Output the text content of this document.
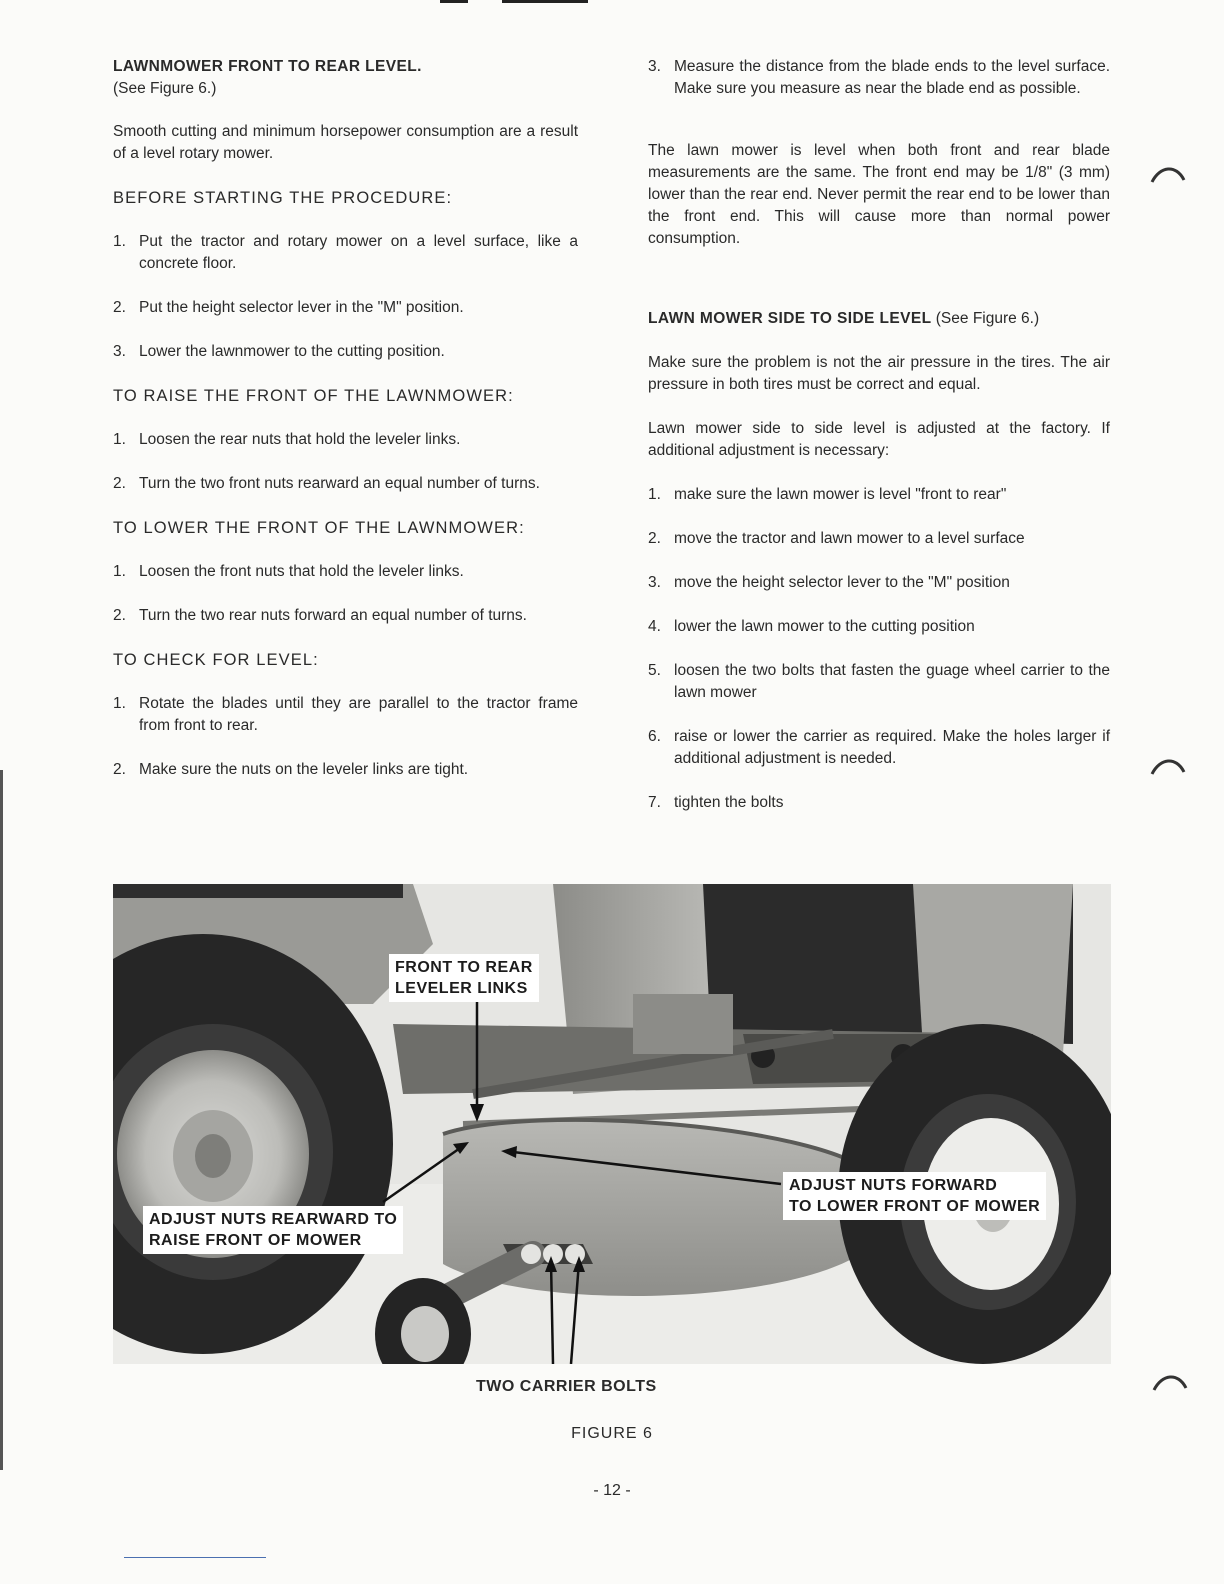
LAWNMOWER FRONT TO REAR LEVEL.

(See Figure 6.)

Smooth cutting and minimum horsepower consumption are a result of a level rotary mower.

BEFORE STARTING THE PROCEDURE:

1. Put the tractor and rotary mower on a level surface, like a concrete floor.

2. Put the height selector lever in the "M" position.

3. Lower the lawnmower to the cutting position.

TO RAISE THE FRONT OF THE LAWNMOWER:

1. Loosen the rear nuts that hold the leveler links.

2. Turn the two front nuts rearward an equal number of turns.

TO LOWER THE FRONT OF THE LAWNMOWER:

1. Loosen the front nuts that hold the leveler links.

2. Turn the two rear nuts forward an equal number of turns.

TO CHECK FOR LEVEL:

1. Rotate the blades until they are parallel to the tractor frame from front to rear.

2. Make sure the nuts on the leveler links are tight.

3. Measure the distance from the blade ends to the level surface. Make sure you measure as near the blade end as possible.

The lawn mower is level when both front and rear blade measurements are the same. The front end may be 1/8" (3 mm) lower than the rear end. Never permit the rear end to be lower than the front end. This will cause more than normal power consumption.

LAWN MOWER SIDE TO SIDE LEVEL (See Figure 6.)

Make sure the problem is not the air pressure in the tires. The air pressure in both tires must be correct and equal.

Lawn mower side to side level is adjusted at the factory. If additional adjustment is necessary:

1. make sure the lawn mower is level "front to rear"

2. move the tractor and lawn mower to a level surface

3. move the height selector lever to the "M" position

4. lower the lawn mower to the cutting position

5. loosen the two bolts that fasten the guage wheel carrier to the lawn mower

6. raise or lower the carrier as required. Make the holes larger if additional adjustment is needed.

7. tighten the bolts

FRONT TO REAR
LEVELER LINKS
ADJUST NUTS REARWARD TO
RAISE FRONT OF MOWER
ADJUST NUTS FORWARD
TO LOWER FRONT OF MOWER
TWO CARRIER BOLTS
FIGURE 6
- 12 -
